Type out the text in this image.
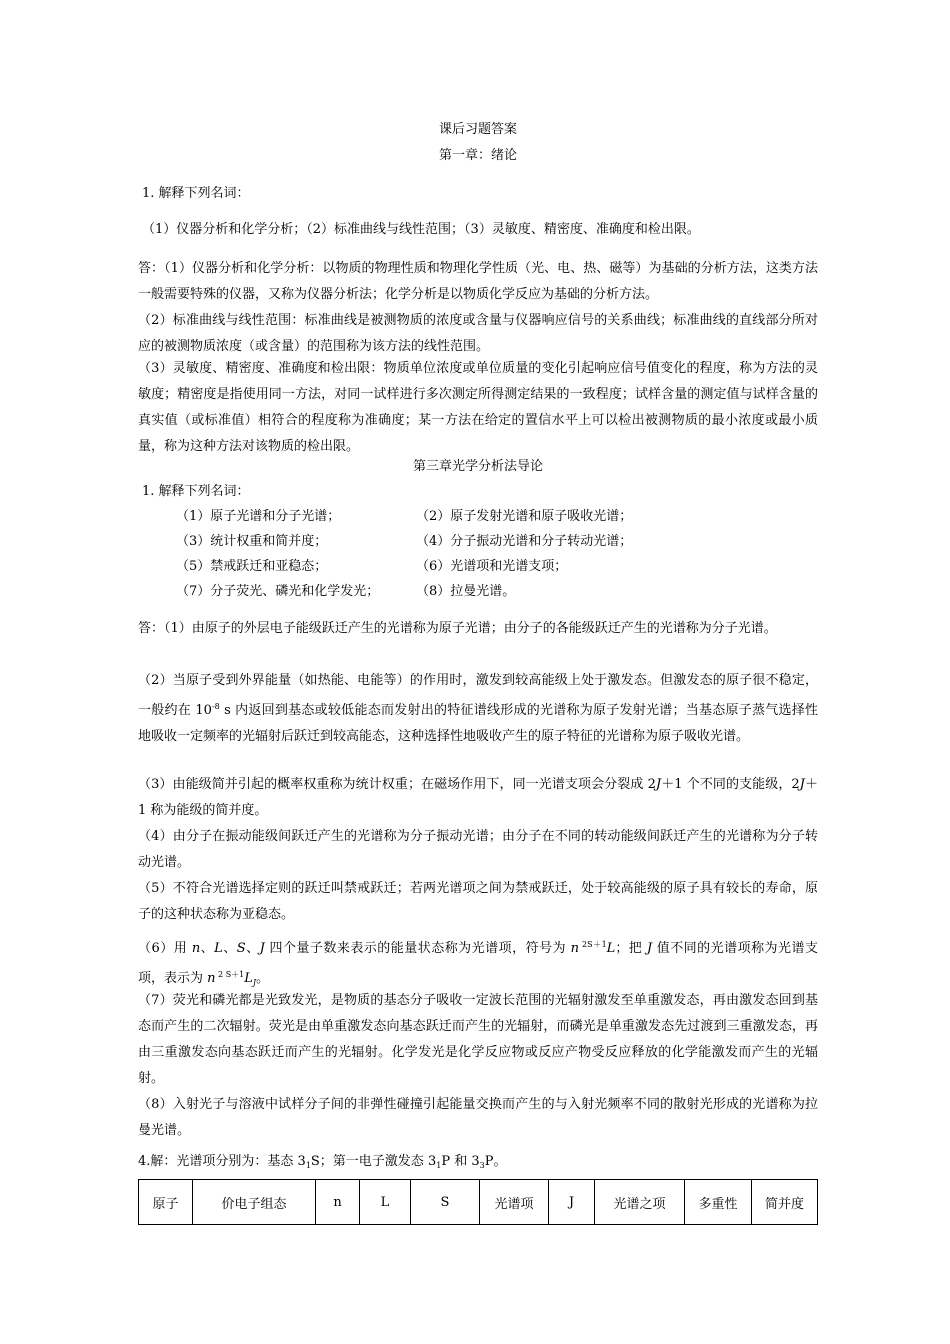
课后习题答案
第一章：绪论
1. 解释下列名词：
（1）仪器分析和化学分析；（2）标准曲线与线性范围；（3）灵敏度、精密度、准确度和检出限。
答：（1）仪器分析和化学分析：以物质的物理性质和物理化学性质（光、电、热、磁等）为基础的分析方法，这类方法一般需要特殊的仪器，又称为仪器分析法；化学分析是以物质化学反应为基础的分析方法。
（2）标准曲线与线性范围：标准曲线是被测物质的浓度或含量与仪器响应信号的关系曲线；标准曲线的直线部分所对应的被测物质浓度（或含量）的范围称为该方法的线性范围。
（3）灵敏度、精密度、准确度和检出限：物质单位浓度或单位质量的变化引起响应信号值变化的程度，称为方法的灵敏度；精密度是指使用同一方法，对同一试样进行多次测定所得测定结果的一致程度；试样含量的测定值与试样含量的真实值（或标准值）相符合的程度称为准确度；某一方法在给定的置信水平上可以检出被测物质的最小浓度或最小质量，称为这种方法对该物质的检出限。
第三章光学分析法导论
1. 解释下列名词：
（1）原子光谱和分子光谱；	（2）原子发射光谱和原子吸收光谱；
（3）统计权重和简并度；	（4）分子振动光谱和分子转动光谱；
（5）禁戒跃迁和亚稳态；	（6）光谱项和光谱支项；
（7）分子荧光、磷光和化学发光；	（8）拉曼光谱。
答：（1）由原子的外层电子能级跃迁产生的光谱称为原子光谱；由分子的各能级跃迁产生的光谱称为分子光谱。
（2）当原子受到外界能量（如热能、电能等）的作用时，激发到较高能级上处于激发态。但激发态的原子很不稳定，一般约在 $10^{-8}$ s 内返回到基态或较低能态而发射出的特征谱线形成的光谱称为原子发射光谱；当基态原子蒸气选择性地吸收一定频率的光辐射后跃迁到较高能态，这种选择性地吸收产生的原子特征的光谱称为原子吸收光谱。
（3）由能级简并引起的概率权重称为统计权重；在磁场作用下，同一光谱支项会分裂成 2J＋1 个不同的支能级，2J＋1 称为能级的简并度。
（4）由分子在振动能级间跃迁产生的光谱称为分子振动光谱；由分子在不同的转动能级间跃迁产生的光谱称为分子转动光谱。
（5）不符合光谱选择定则的跃迁叫禁戒跃迁；若两光谱项之间为禁戒跃迁，处于较高能级的原子具有较长的寿命，原子的这种状态称为亚稳态。
（6）用 n、L、S、J 四个量子数来表示的能量状态称为光谱项，符号为 n $^{2S+1}$L；把 J 值不同的光谱项称为光谱支项，表示为 n $^{2 S+1}L_J$。
（7）荧光和磷光都是光致发光，是物质的基态分子吸收一定波长范围的光辐射激发至单重激发态，再由激发态回到基态而产生的二次辐射。荧光是由单重激发态向基态跃迁而产生的光辐射，而磷光是单重激发态先过渡到三重激发态，再由三重激发态向基态跃迁而产生的光辐射。化学发光是化学反应物或反应产物受反应释放的化学能激发而产生的光辐射。
（8）入射光子与溶液中试样分子间的非弹性碰撞引起能量交换而产生的与入射光频率不同的散射光形成的光谱称为拉曼光谱。
4.解：光谱项分别为：基态 $3_1S$；第一电子激发态 $3_1P$ 和 $3_3P$。
原子	价电子组态	n	L	S	光谱项	J	光谱之项	多重性	简并度
